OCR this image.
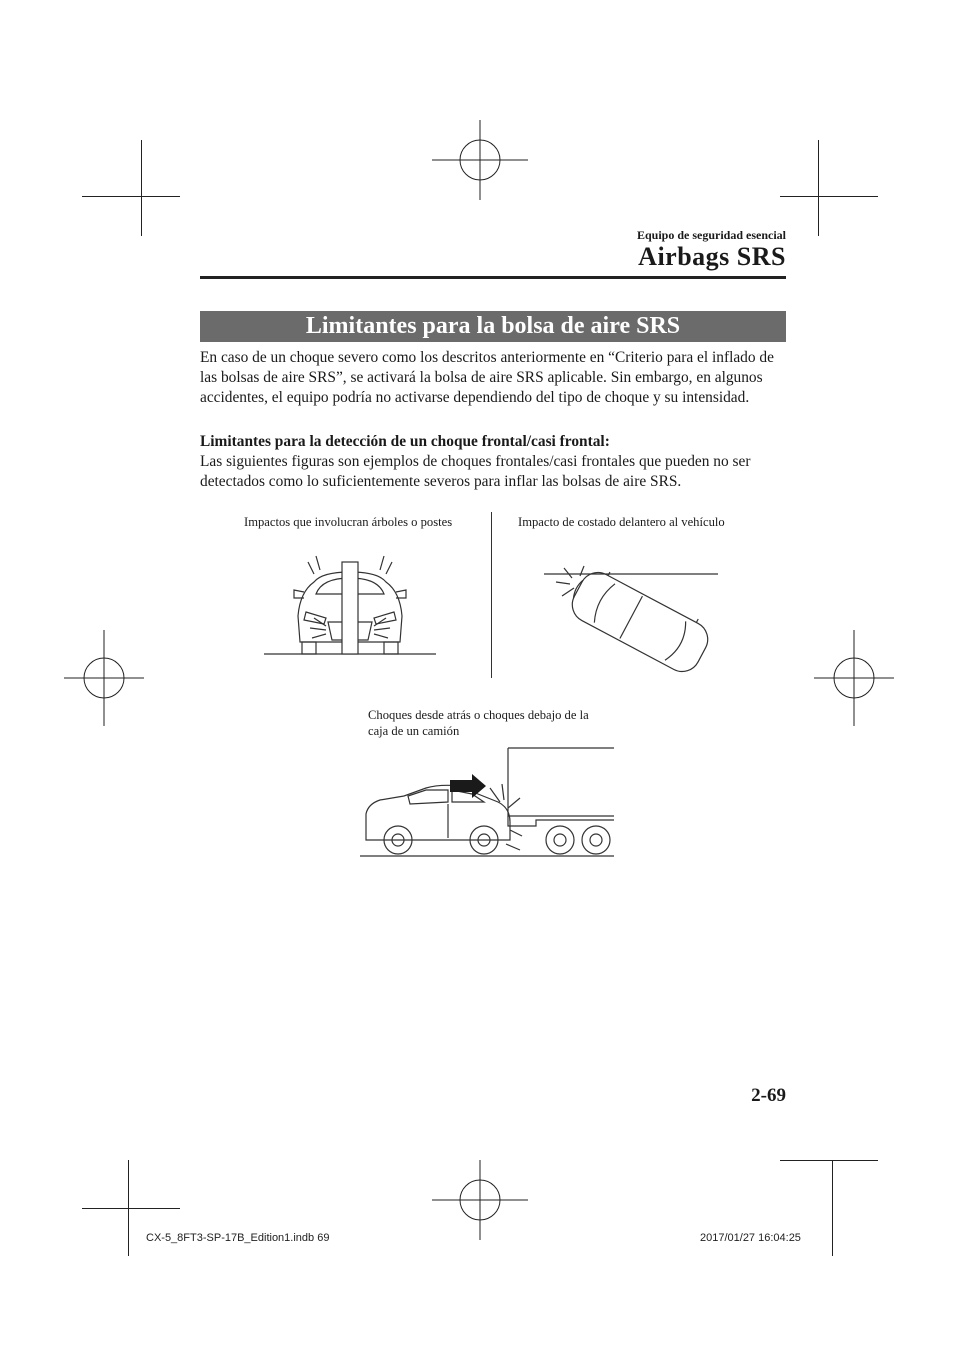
Equipo de seguridad esencial
Airbags SRS
Limitantes para la bolsa de aire SRS

En caso de un choque severo como los descritos anteriormente en “Criterio para el inflado de las bolsas de aire SRS”, se activará la bolsa de aire SRS aplicable. Sin embargo, en algunos accidentes, el equipo podría no activarse dependiendo del tipo de choque y su intensidad.

Limitantes para la detección de un choque frontal/casi frontal:

Las siguientes figuras son ejemplos de choques frontales/casi frontales que pueden no ser detectados como lo suficientemente severos para inflar las bolsas de aire SRS.

Impactos que involucran árboles o postes	Impacto de costado delantero al vehículo
Choques desde atrás o choques debajo de la
caja de un camión
2-69
CX-5_8FT3-SP-17B_Edition1.indb 69	2017/01/27 16:04:25
